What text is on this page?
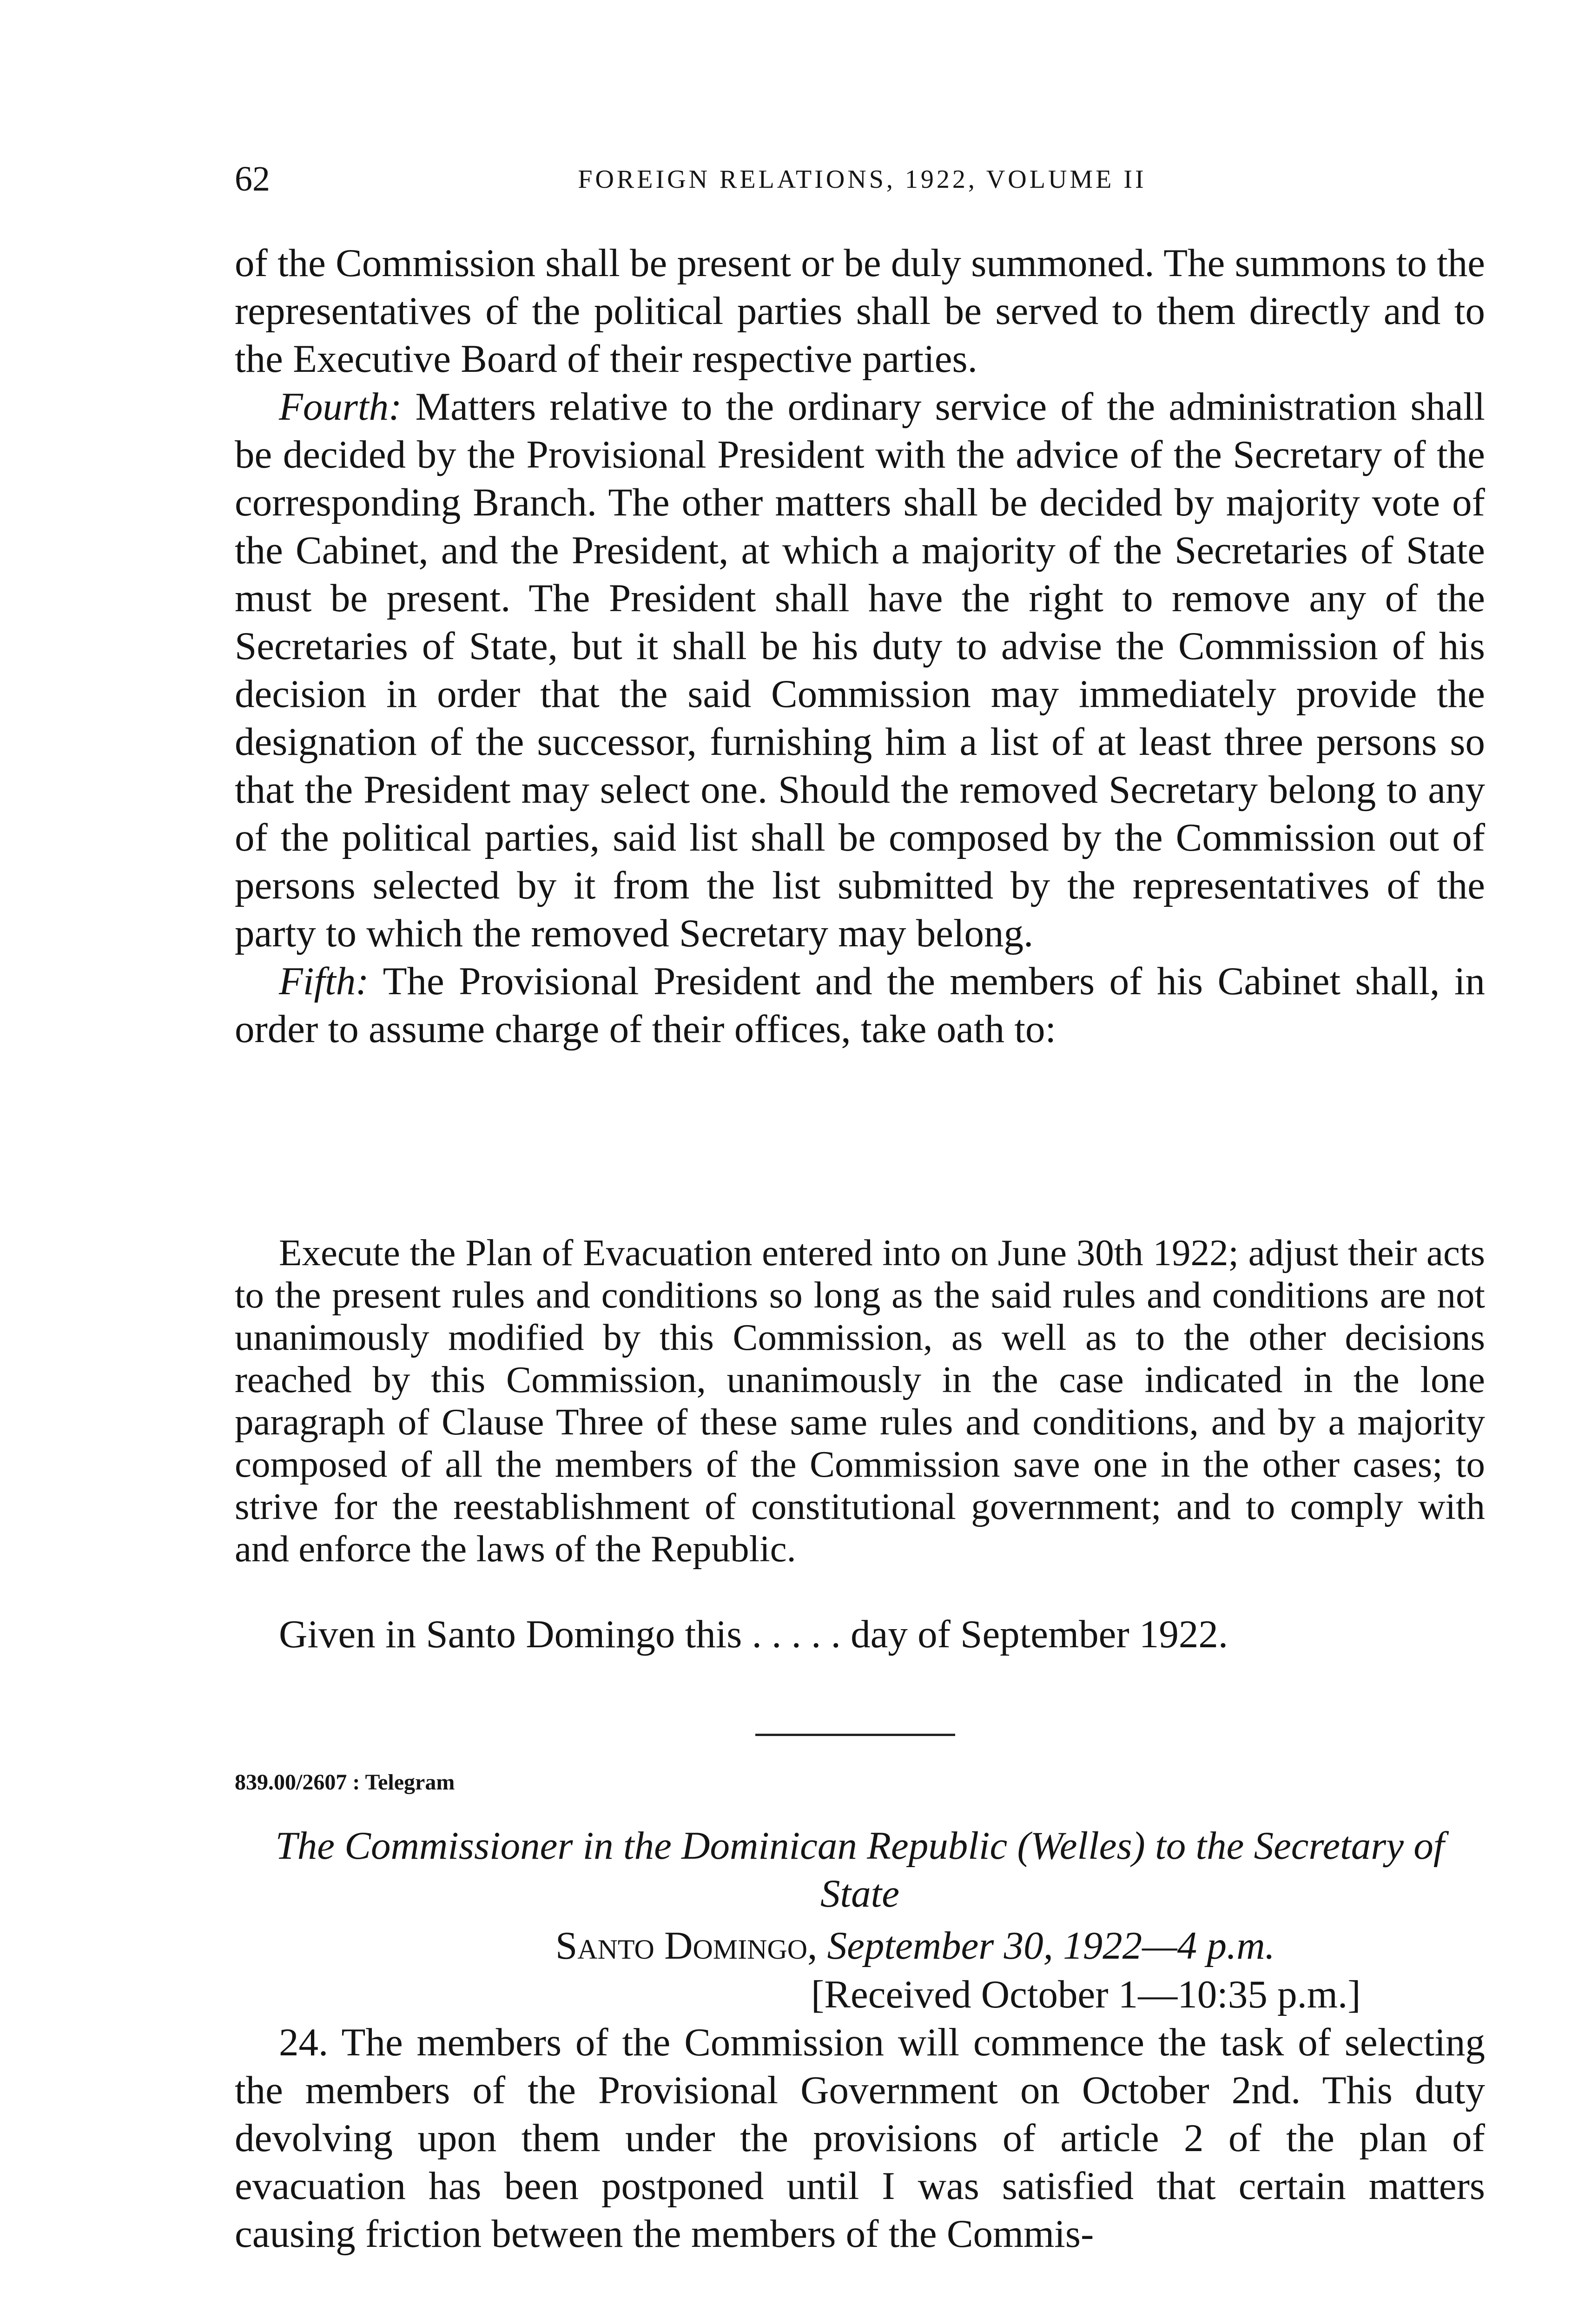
62	FOREIGN RELATIONS, 1922, VOLUME II

of the Commission shall be present or be duly summoned. The summons to the representatives of the political parties shall be served to them directly and to the Executive Board of their respective parties.

Fourth: Matters relative to the ordinary service of the administration shall be decided by the Provisional President with the advice of the Secretary of the corresponding Branch. The other matters shall be decided by majority vote of the Cabinet, and the President, at which a majority of the Secretaries of State must be present. The President shall have the right to remove any of the Secretaries of State, but it shall be his duty to advise the Commission of his decision in order that the said Commission may immediately provide the designation of the successor, furnishing him a list of at least three persons so that the President may select one. Should the removed Secretary belong to any of the political parties, said list shall be composed by the Commission out of persons selected by it from the list submitted by the representatives of the party to which the removed Secretary may belong.

Fifth: The Provisional President and the members of his Cabinet shall, in order to assume charge of their offices, take oath to:

Execute the Plan of Evacuation entered into on June 30th 1922; adjust their acts to the present rules and conditions so long as the said rules and conditions are not unanimously modified by this Commission, as well as to the other decisions reached by this Commission, unanimously in the case indicated in the lone paragraph of Clause Three of these same rules and conditions, and by a majority composed of all the members of the Commission save one in the other cases; to strive for the reestablishment of constitutional government; and to comply with and enforce the laws of the Republic.

Given in Santo Domingo this . . . . . day of September 1922.

839.00/2607 : Telegram
The Commissioner in the Dominican Republic (Welles) to the Secretary of State
Santo Domingo, September 30, 1922—4 p.m.
[Received October 1—10:35 p.m.]

24. The members of the Commission will commence the task of selecting the members of the Provisional Government on October 2nd. This duty devolving upon them under the provisions of article 2 of the plan of evacuation has been postponed until I was satisfied that certain matters causing friction between the members of the Commis-
